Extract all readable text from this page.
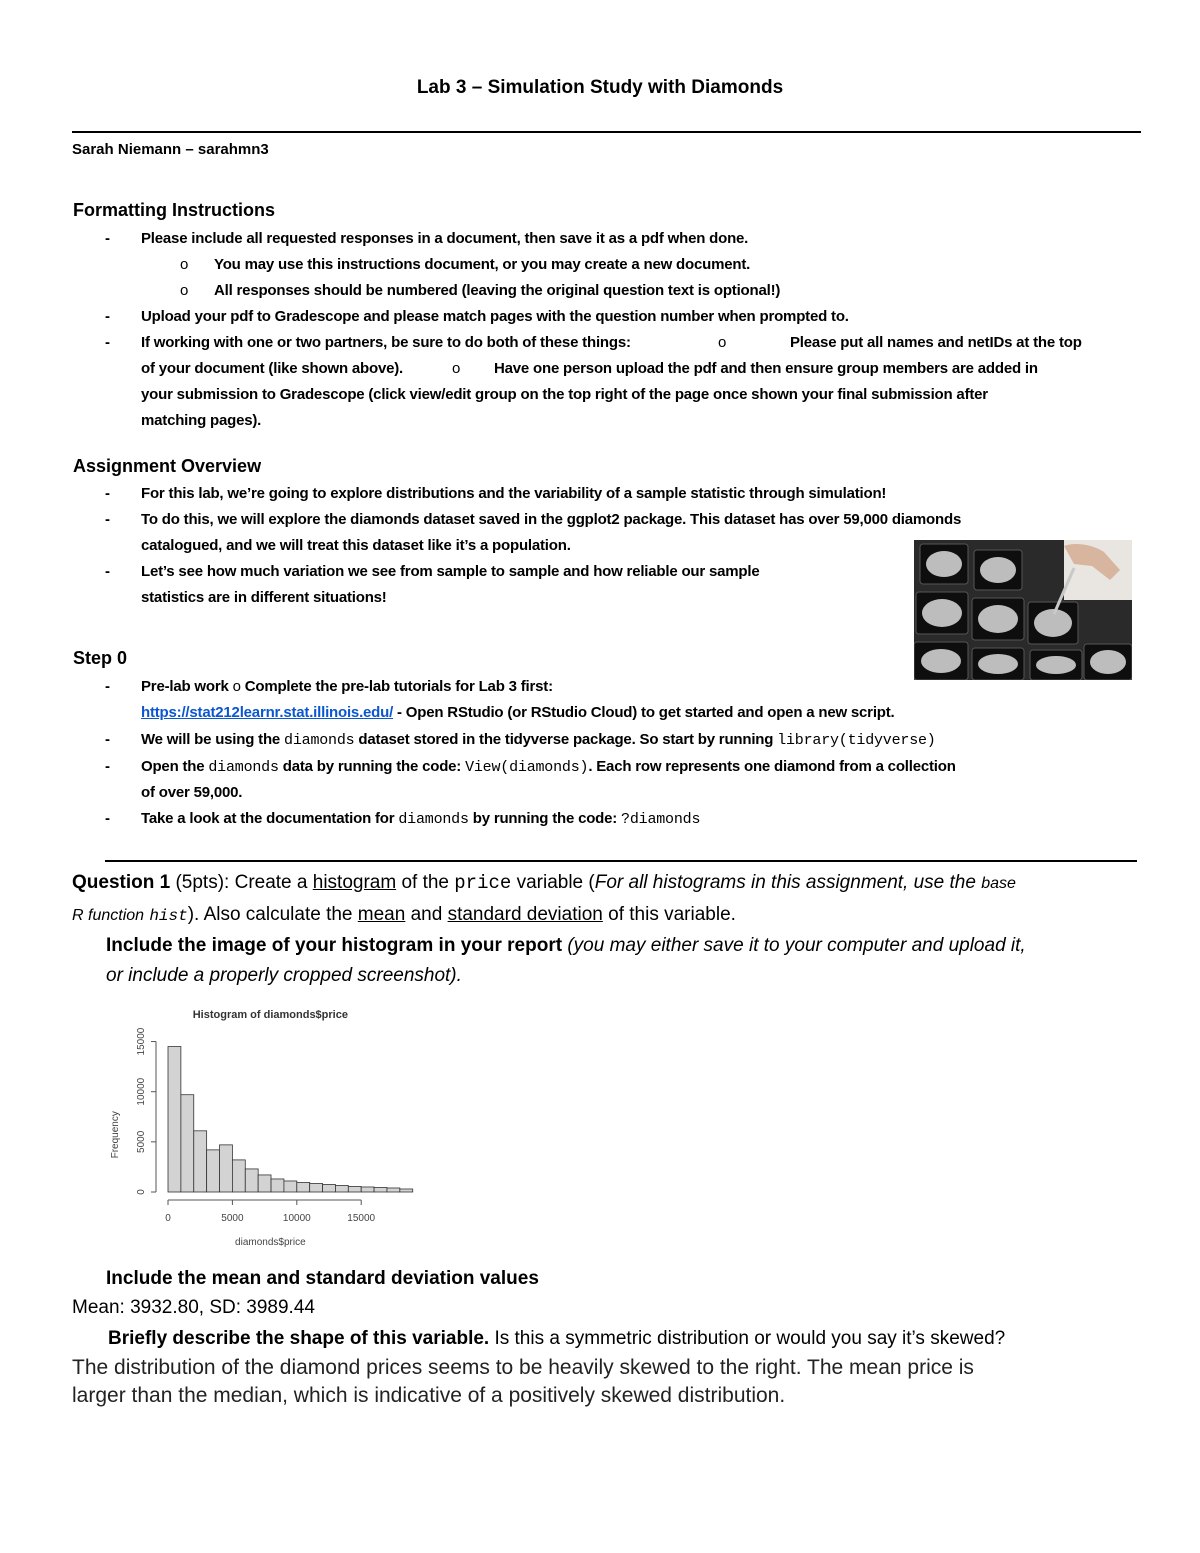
Lab 3 – Simulation Study with Diamonds
Sarah Niemann – sarahmn3
Formatting Instructions
- Please include all requested responses in a document, then save it as a pdf when done.
o You may use this instructions document, or you may create a new document.
o All responses should be numbered (leaving the original question text is optional!)
- Upload your pdf to Gradescope and please match pages with the question number when prompted to.
- If working with one or two partners, be sure to do both of these things:	o	Please put all names and netIDs at the top
of your document (like shown above).	o Have one person upload the pdf and then ensure group members are added in
your submission to Gradescope (click view/edit group on the top right of the page once shown your final submission after
matching pages).
Assignment Overview
- For this lab, we’re going to explore distributions and the variability of a sample statistic through simulation!
- To do this, we will explore the diamonds dataset saved in the ggplot2 package. This dataset has over 59,000 diamonds
catalogued, and we will treat this dataset like it’s a population.
- Let’s see how much variation we see from sample to sample and how reliable our sample
statistics are in different situations!
Step 0
- Pre-lab work o Complete the pre-lab tutorials for Lab 3 first:
https://stat212learnr.stat.illinois.edu/ - Open RStudio (or RStudio Cloud) to get started and open a new script.
- We will be using the diamonds dataset stored in the tidyverse package. So start by running library(tidyverse)
- Open the diamonds data by running the code: View(diamonds). Each row represents one diamond from a collection
of over 59,000.
- Take a look at the documentation for diamonds by running the code: ?diamonds
Question 1 (5pts): Create a histogram of the price variable (For all histograms in this assignment, use the base
R function hist). Also calculate the mean and standard deviation of this variable.
Include the image of your histogram in your report (you may either save it to your computer and upload it,
or include a properly cropped screenshot).
Histogram of diamonds$price
0	5000	10000	15000
diamonds$price
0
5000
10000
15000
Frequency
Include the mean and standard deviation values
Mean: 3932.80, SD: 3989.44
Briefly describe the shape of this variable. Is this a symmetric distribution or would you say it’s skewed?
The distribution of the diamond prices seems to be heavily skewed to the right. The mean price is
larger than the median, which is indicative of a positively skewed distribution.
